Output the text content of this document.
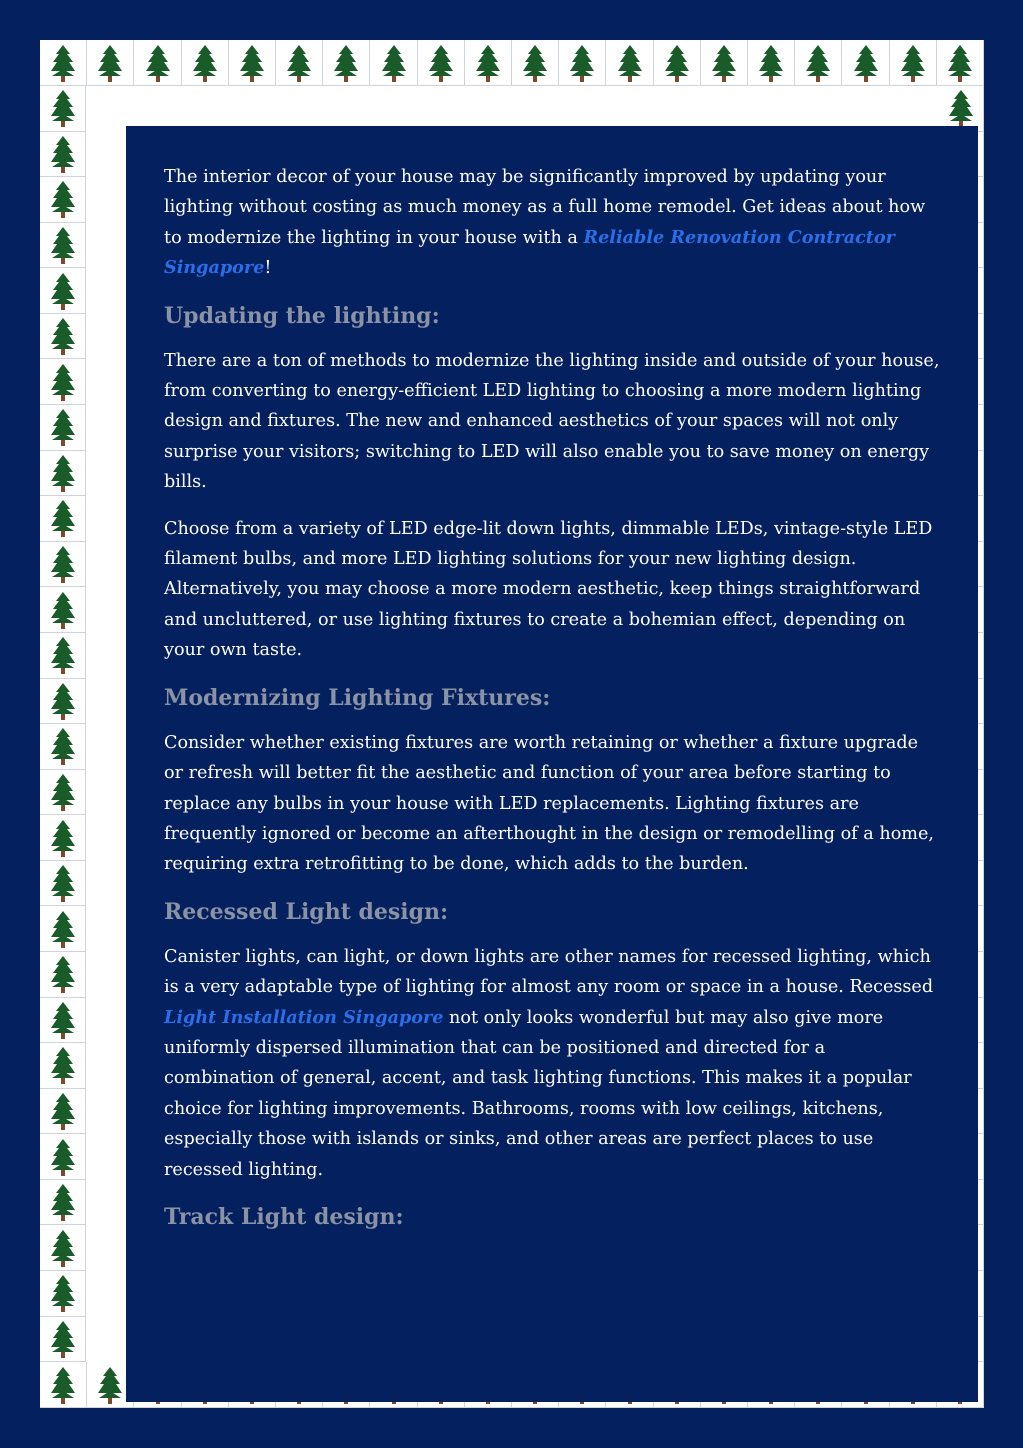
The interior decor of your house may be significantly improved by updating your lighting without costing as much money as a full home remodel. Get ideas about how to modernize the lighting in your house with a Reliable Renovation Contractor Singapore!

Updating the lighting:

There are a ton of methods to modernize the lighting inside and outside of your house, from converting to energy-efficient LED lighting to choosing a more modern lighting design and fixtures. The new and enhanced aesthetics of your spaces will not only surprise your visitors; switching to LED will also enable you to save money on energy bills.

Choose from a variety of LED edge-lit down lights, dimmable LEDs, vintage-style LED filament bulbs, and more LED lighting solutions for your new lighting design. Alternatively, you may choose a more modern aesthetic, keep things straightforward and uncluttered, or use lighting fixtures to create a bohemian effect, depending on your own taste.

Modernizing Lighting Fixtures:

Consider whether existing fixtures are worth retaining or whether a fixture upgrade or refresh will better fit the aesthetic and function of your area before starting to replace any bulbs in your house with LED replacements. Lighting fixtures are frequently ignored or become an afterthought in the design or remodelling of a home, requiring extra retrofitting to be done, which adds to the burden.

Recessed Light design:

Canister lights, can light, or down lights are other names for recessed lighting, which is a very adaptable type of lighting for almost any room or space in a house. Recessed Light Installation Singapore not only looks wonderful but may also give more uniformly dispersed illumination that can be positioned and directed for a combination of general, accent, and task lighting functions. This makes it a popular choice for lighting improvements. Bathrooms, rooms with low ceilings, kitchens, especially those with islands or sinks, and other areas are perfect places to use recessed lighting.

Track Light design:
